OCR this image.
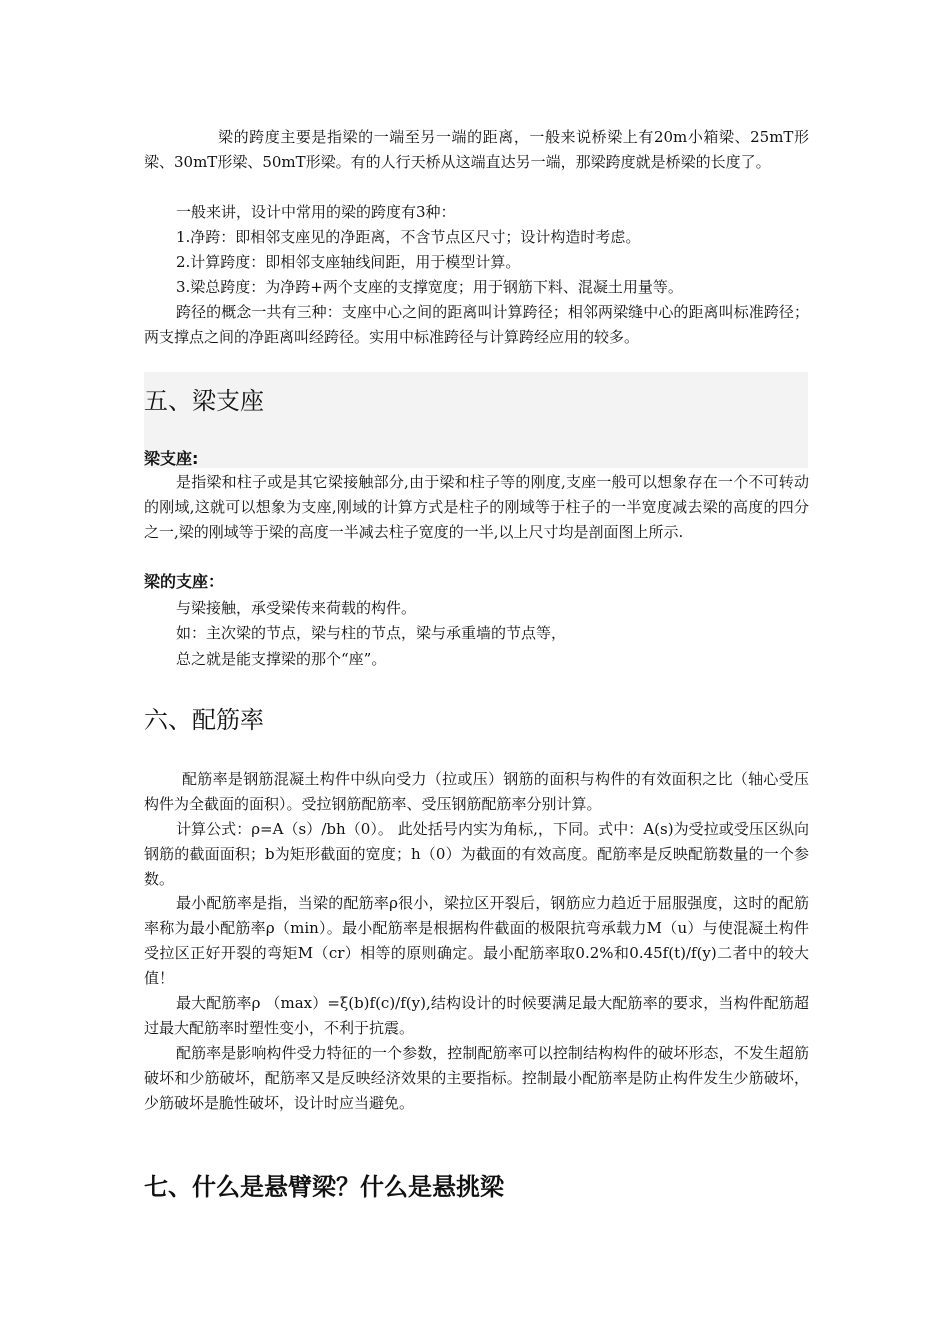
梁的跨度主要是指梁的一端至另一端的距离，一般来说桥梁上有20m小箱梁、25mT形梁、30mT形梁、50mT形梁。有的人行天桥从这端直达另一端，那梁跨度就是桥梁的长度了。

一般来讲，设计中常用的梁的跨度有3种：

1.净跨：即相邻支座见的净距离，不含节点区尺寸；设计构造时考虑。

2.计算跨度：即相邻支座轴线间距，用于模型计算。

3.梁总跨度：为净跨+两个支座的支撑宽度；用于钢筋下料、混凝土用量等。

跨径的概念一共有三种：支座中心之间的距离叫计算跨径；相邻两梁缝中心的距离叫标准跨径；两支撑点之间的净距离叫经跨径。实用中标准跨径与计算跨经应用的较多。

五、梁支座

梁支座:

是指梁和柱子或是其它梁接触部分,由于梁和柱子等的刚度,支座一般可以想象存在一个不可转动的刚域,这就可以想象为支座,刚域的计算方式是柱子的刚域等于柱子的一半宽度减去梁的高度的四分之一,梁的刚域等于梁的高度一半减去柱子宽度的一半,以上尺寸均是剖面图上所示.

梁的支座：

与梁接触，承受梁传来荷载的构件。

如：主次梁的节点，梁与柱的节点，梁与承重墙的节点等，

总之就是能支撑梁的那个“座”。

六、配筋率

配筋率是钢筋混凝土构件中纵向受力（拉或压）钢筋的面积与构件的有效面积之比（轴心受压构件为全截面的面积）。受拉钢筋配筋率、受压钢筋配筋率分别计算。

计算公式：ρ=A（s）/bh（0）。 此处括号内实为角标,，下同。式中：A(s)为受拉或受压区纵向钢筋的截面面积；b为矩形截面的宽度；h（0）为截面的有效高度。配筋率是反映配筋数量的一个参数。

最小配筋率是指，当梁的配筋率ρ很小，梁拉区开裂后，钢筋应力趋近于屈服强度，这时的配筋率称为最小配筋率ρ（min）。最小配筋率是根据构件截面的极限抗弯承载力M（u）与使混凝土构件受拉区正好开裂的弯矩M（cr）相等的原则确定。最小配筋率取0.2%和0.45f(t)/f(y)二者中的较大值！

最大配筋率ρ （max）=ξ(b)f(c)/f(y),结构设计的时候要满足最大配筋率的要求，当构件配筋超过最大配筋率时塑性变小，不利于抗震。

配筋率是影响构件受力特征的一个参数，控制配筋率可以控制结构构件的破坏形态，不发生超筋破坏和少筋破坏，配筋率又是反映经济效果的主要指标。控制最小配筋率是防止构件发生少筋破坏，少筋破坏是脆性破坏，设计时应当避免。

七、什么是悬臂梁？什么是悬挑梁
